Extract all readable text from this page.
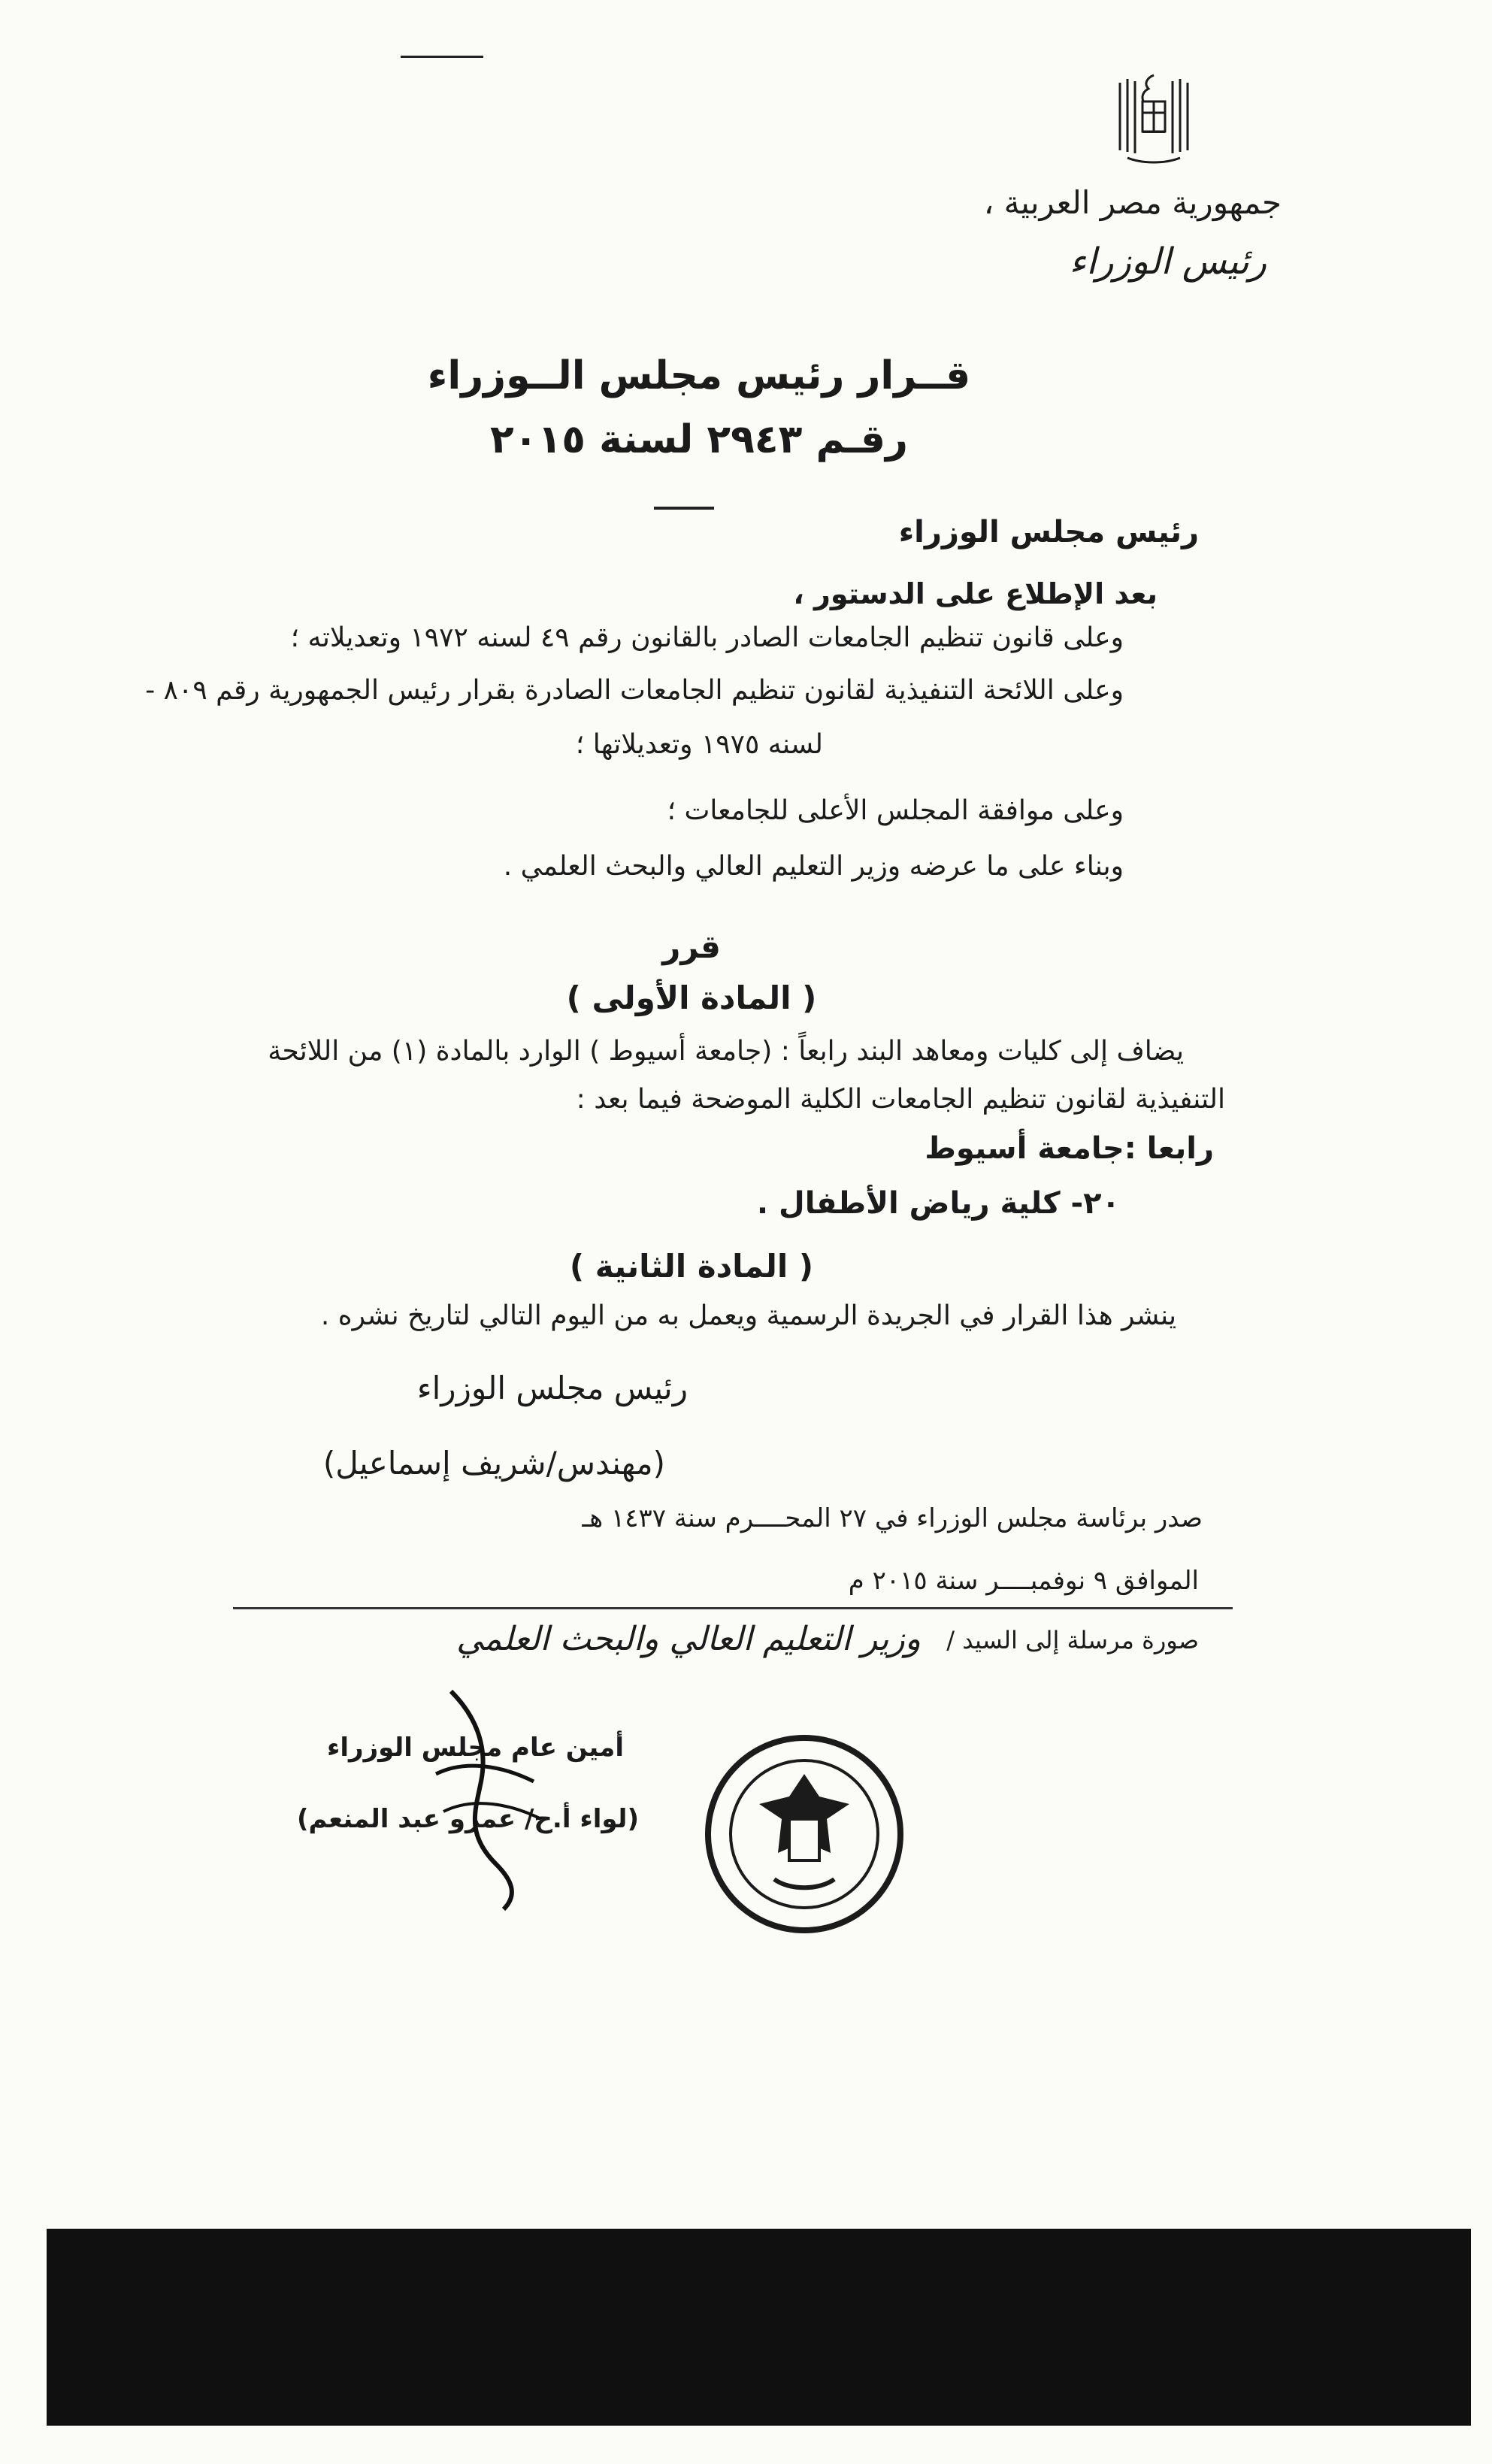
جمهورية مصر العربية ،
رئيس الوزراء
قــرار رئيس مجلس الــوزراء
رقـم ٢٩٤٣ لسنة ٢٠١٥
رئيس مجلس الوزراء
بعد الإطلاع على الدستور ،
وعلى قانون تنظيم الجامعات الصادر بالقانون رقم ٤٩ لسنه ١٩٧٢ وتعديلاته ؛
وعلى اللائحة التنفيذية لقانون تنظيم الجامعات الصادرة بقرار رئيس الجمهورية رقم ٨٠٩ -
لسنه ١٩٧٥ وتعديلاتها ؛
وعلى موافقة المجلس الأعلى للجامعات ؛
وبناء على ما عرضه وزير التعليم العالي والبحث العلمي .
قرر
( المادة الأولى )
يضاف إلى كليات ومعاهد البند رابعاً : (جامعة أسيوط ) الوارد بالمادة (١) من اللائحة
التنفيذية لقانون تنظيم الجامعات الكلية الموضحة فيما بعد :
رابعا :جامعة أسيوط
٢٠- كلية رياض الأطفال .
( المادة الثانية )
ينشر هذا القرار في الجريدة الرسمية ويعمل به من اليوم التالي لتاريخ نشره .
رئيس مجلس الوزراء
(مهندس/شريف إسماعيل)
صدر برئاسة مجلس الوزراء في ٢٧ المحــــرم سنة ١٤٣٧ هـ
الموافق ٩ نوفمبــــر سنة ٢٠١٥ م
صورة مرسلة إلى السيد /
وزير التعليم العالي والبحث العلمي
أمين عام مجلس الوزراء
(لواء أ.ح/ عمرو عبد المنعم)
